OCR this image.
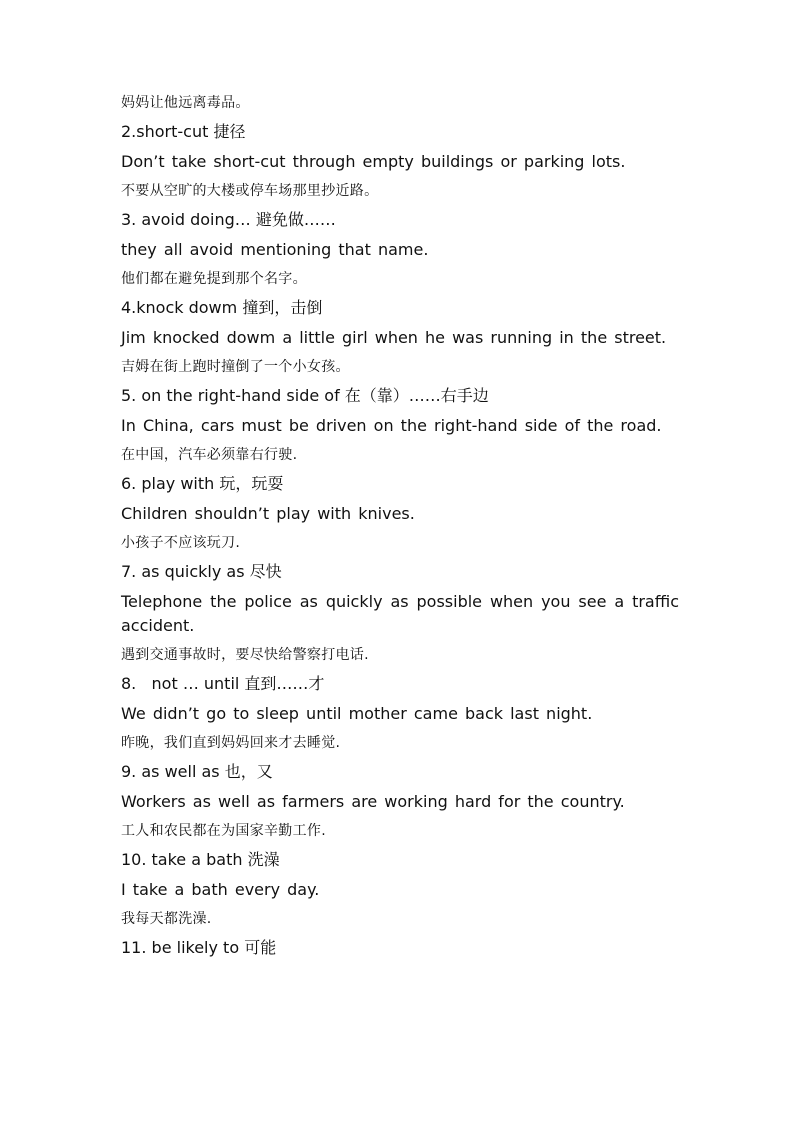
妈妈让他远离毒品。
2.short-cut 捷径
Don’t take short-cut through empty buildings or parking lots.
不要从空旷的大楼或停车场那里抄近路。
3. avoid doing… 避免做……
they all avoid mentioning that name.
他们都在避免提到那个名字。
4.knock dowm 撞到，击倒
Jim knocked dowm a little girl when he was running in the street.
吉姆在街上跑时撞倒了一个小女孩。
5. on the right-hand side of 在（靠）……右手边
In China, cars must be driven on the right-hand side of the road.
在中国，汽车必须靠右行驶.
6. play with 玩，玩耍
Children shouldn’t play with knives.
小孩子不应该玩刀.
7. as quickly as 尽快
Telephone the police as quickly as possible when you see a traffic accident.
遇到交通事故时，要尽快给警察打电话.
8.   not … until 直到……才
We didn’t go to sleep until mother came back last night.
昨晚，我们直到妈妈回来才去睡觉.
9. as well as 也，又
Workers as well as farmers are working hard for the country.
工人和农民都在为国家辛勤工作.
10. take a bath 洗澡
I take a bath every day.
我每天都洗澡.
11. be likely to 可能
